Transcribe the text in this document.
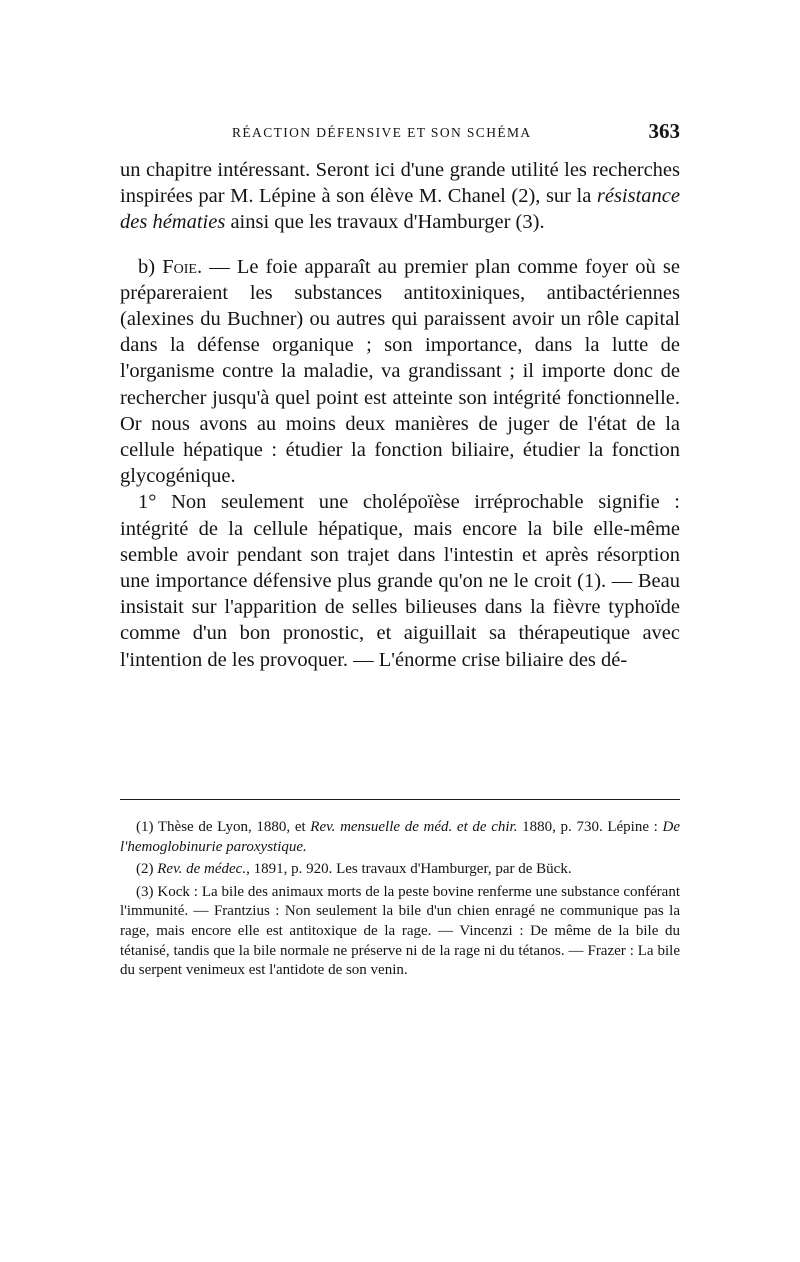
RÉACTION DÉFENSIVE ET SON SCHÉMA	363

un chapitre intéressant. Seront ici d'une grande utilité les recherches inspirées par M. Lépine à son élève M. Chanel (2), sur la résistance des hématies ainsi que les travaux d'Hamburger (3).

b) Foie. — Le foie apparaît au premier plan comme foyer où se prépareraient les substances antitoxiniques, antibactériennes (alexines du Buchner) ou autres qui paraissent avoir un rôle capital dans la défense organique ; son importance, dans la lutte de l'organisme contre la maladie, va grandissant ; il importe donc de rechercher jusqu'à quel point est atteinte son intégrité fonctionnelle. Or nous avons au moins deux manières de juger de l'état de la cellule hépatique : étudier la fonction biliaire, étudier la fonction glycogénique.

1° Non seulement une cholépoïèse irréprochable signifie : intégrité de la cellule hépatique, mais encore la bile elle-même semble avoir pendant son trajet dans l'intestin et après résorption une importance défensive plus grande qu'on ne le croit (1). — Beau insistait sur l'apparition de selles bilieuses dans la fièvre typhoïde comme d'un bon pronostic, et aiguillait sa thérapeutique avec l'intention de les provoquer. — L'énorme crise biliaire des dé-

(1) Thèse de Lyon, 1880, et Rev. mensuelle de méd. et de chir. 1880, p. 730. Lépine : De l'hemoglobinurie paroxystique.

(2) Rev. de médec., 1891, p. 920. Les travaux d'Hamburger, par de Bück.

(3) Kock : La bile des animaux morts de la peste bovine renferme une substance conférant l'immunité. — Frantzius : Non seulement la bile d'un chien enragé ne communique pas la rage, mais encore elle est antitoxique de la rage. — Vincenzi : De même de la bile du tétanisé, tandis que la bile normale ne préserve ni de la rage ni du tétanos. — Frazer : La bile du serpent venimeux est l'antidote de son venin.
